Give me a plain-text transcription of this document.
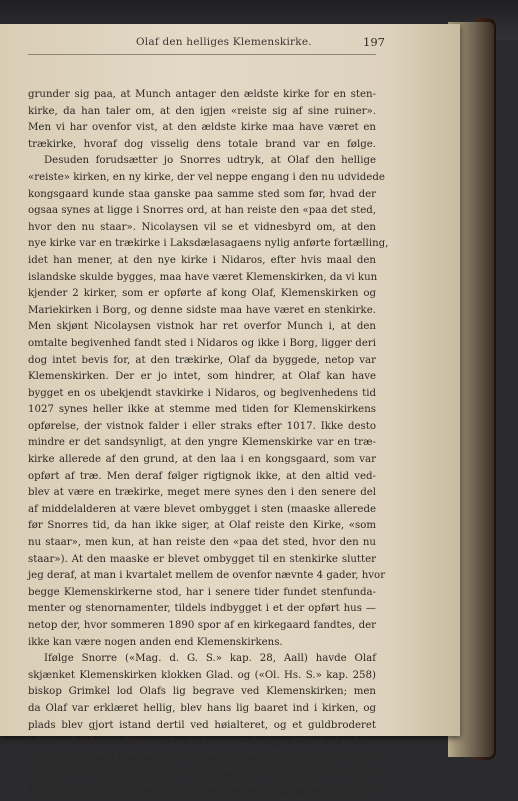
Olaf den helliges Klemenskirke.	197
grunder sig paa, at Munch antager den ældste kirke for en sten-
kirke, da han taler om, at den igjen «reiste sig af sine ruiner».
Men vi har ovenfor vist, at den ældste kirke maa have været en
trækirke, hvoraf dog visselig dens totale brand var en følge.
Desuden forudsætter jo Snorres udtryk, at Olaf den hellige
«reiste» kirken, en ny kirke, der vel neppe engang i den nu udvidede
kongsgaard kunde staa ganske paa samme sted som før, hvad der
ogsaa synes at ligge i Snorres ord, at han reiste den «paa det sted,
hvor den nu staar». Nicolaysen vil se et vidnesbyrd om, at den
nye kirke var en trækirke i Laksdælasagaens nylig anførte fortælling,
idet han mener, at den nye kirke i Nidaros, efter hvis maal den
islandske skulde bygges, maa have været Klemenskirken, da vi kun
kjender 2 kirker, som er opførte af kong Olaf, Klemenskirken og
Mariekirken i Borg, og denne sidste maa have været en stenkirke.
Men skjønt Nicolaysen vistnok har ret overfor Munch i, at den
omtalte begivenhed fandt sted i Nidaros og ikke i Borg, ligger deri
dog intet bevis for, at den trækirke, Olaf da byggede, netop var
Klemenskirken. Der er jo intet, som hindrer, at Olaf kan have
bygget en os ubekjendt stavkirke i Nidaros, og begivenhedens tid
1027 synes heller ikke at stemme med tiden for Klemenskirkens
opførelse, der vistnok falder i eller straks efter 1017. Ikke desto
mindre er det sandsynligt, at den yngre Klemenskirke var en træ-
kirke allerede af den grund, at den laa i en kongsgaard, som var
opført af træ. Men deraf følger rigtignok ikke, at den altid ved-
blev at være en trækirke, meget mere synes den i den senere del
af middelalderen at være blevet ombygget i sten (maaske allerede
før Snorres tid, da han ikke siger, at Olaf reiste den Kirke, «som
nu staar», men kun, at han reiste den «paa det sted, hvor den nu
staar»). At den maaske er blevet ombygget til en stenkirke slutter
jeg deraf, at man i kvartalet mellem de ovenfor nævnte 4 gader, hvor
begge Klemenskirkerne stod, har i senere tider fundet stenfunda-
menter og stenornamenter, tildels indbygget i et der opført hus —
netop der, hvor sommeren 1890 spor af en kirkegaard fandtes, der
ikke kan være nogen anden end Klemenskirkens.
Ifølge Snorre («Mag. d. G. S.» kap. 28, Aall) havde Olaf
skjænket Klemenskirken klokken Glad. og («Ol. Hs. S.» kap. 258)
biskop Grimkel lod Olafs lig begrave ved Klemenskirken; men
da Olaf var erklæret hellig, blev hans lig baaret ind i kirken, og
plads blev gjort istand dertil ved høialteret, og et guldbroderet
telt (en baldakin) blev reist i kirken over helgenskrinet, der blev
overtrukket med kostbart tøi. Ogsaa Magnus den godes lig hvilede
i nogen tid i Klemenskirken («Har. Haardr. S.», kap. 29). Da Olafs-
kirken ca. 1050 blev færdig, flyttedes begge kongeligene did, hvor-
